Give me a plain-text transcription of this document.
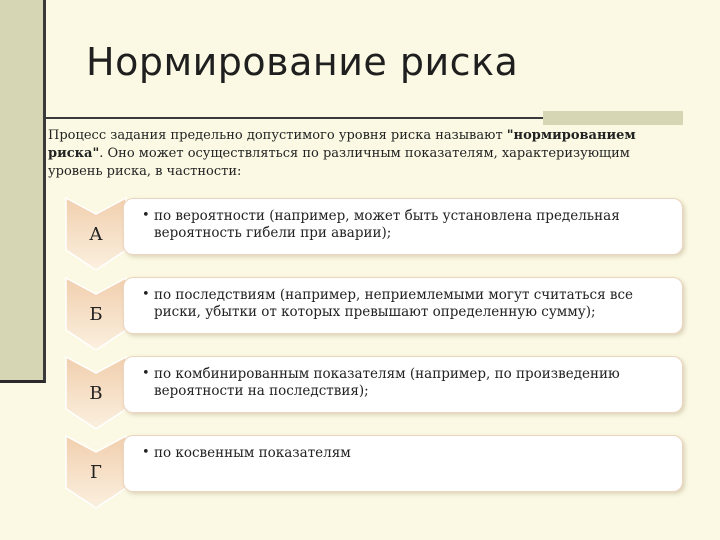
Нормирование риска

Процесс задания предельно допустимого уровня риска называют "нормированием риска". Оно может осуществляться по различным показателям, характеризующим уровень риска, в частности:

А
• по вероятности (например, может быть установлена предельная вероятность гибели при аварии);
Б
• по последствиям (например, неприемлемыми могут считаться все риски, убытки от которых превышают определенную сумму);
В
• по комбинированным показателям (например, по произведению вероятности на последствия);
Г
• по косвенным показателям
